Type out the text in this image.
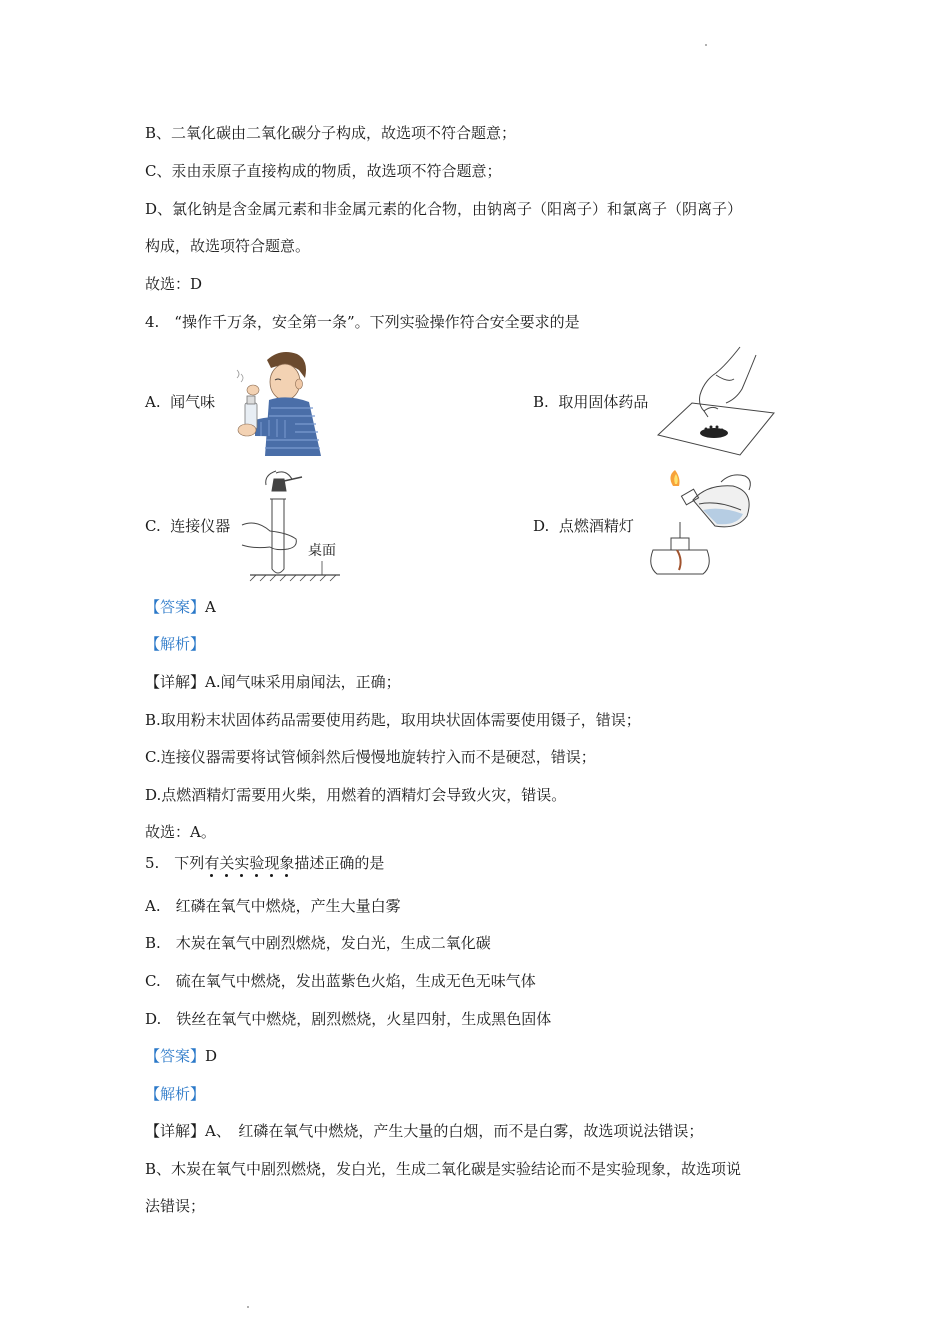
B、二氧化碳由二氧化碳分子构成，故选项不符合题意；
C、汞由汞原子直接构成的物质，故选项不符合题意；
D、氯化钠是含金属元素和非金属元素的化合物，由钠离子（阳离子）和氯离子（阴离子）
构成，故选项符合题意。
故选：D
4.　“操作千万条，安全第一条”。下列实验操作符合安全要求的是
A. 闻气味	B. 取用固体药品
C. 连接仪器	D. 点燃酒精灯
桌面
【答案】A
【解析】
【详解】A.闻气味采用扇闻法，正确；
B.取用粉末状固体药品需要使用药匙，取用块状固体需要使用镊子，错误；
C.连接仪器需要将试管倾斜然后慢慢地旋转拧入而不是硬怼，错误；
D.点燃酒精灯需要用火柴，用燃着的酒精灯会导致火灾，错误。
故选：A。
5.　下列有关实验现象描述正确的是
A.　红磷在氧气中燃烧，产生大量白雾
B.　木炭在氧气中剧烈燃烧，发白光，生成二氧化碳
C.　硫在氧气中燃烧，发出蓝紫色火焰，生成无色无味气体
D.　铁丝在氧气中燃烧，剧烈燃烧，火星四射，生成黑色固体
【答案】D
【解析】
【详解】A、　红磷在氧气中燃烧，产生大量的白烟，而不是白雾，故选项说法错误；
B、木炭在氧气中剧烈燃烧，发白光，生成二氧化碳是实验结论而不是实验现象，故选项说
法错误；
